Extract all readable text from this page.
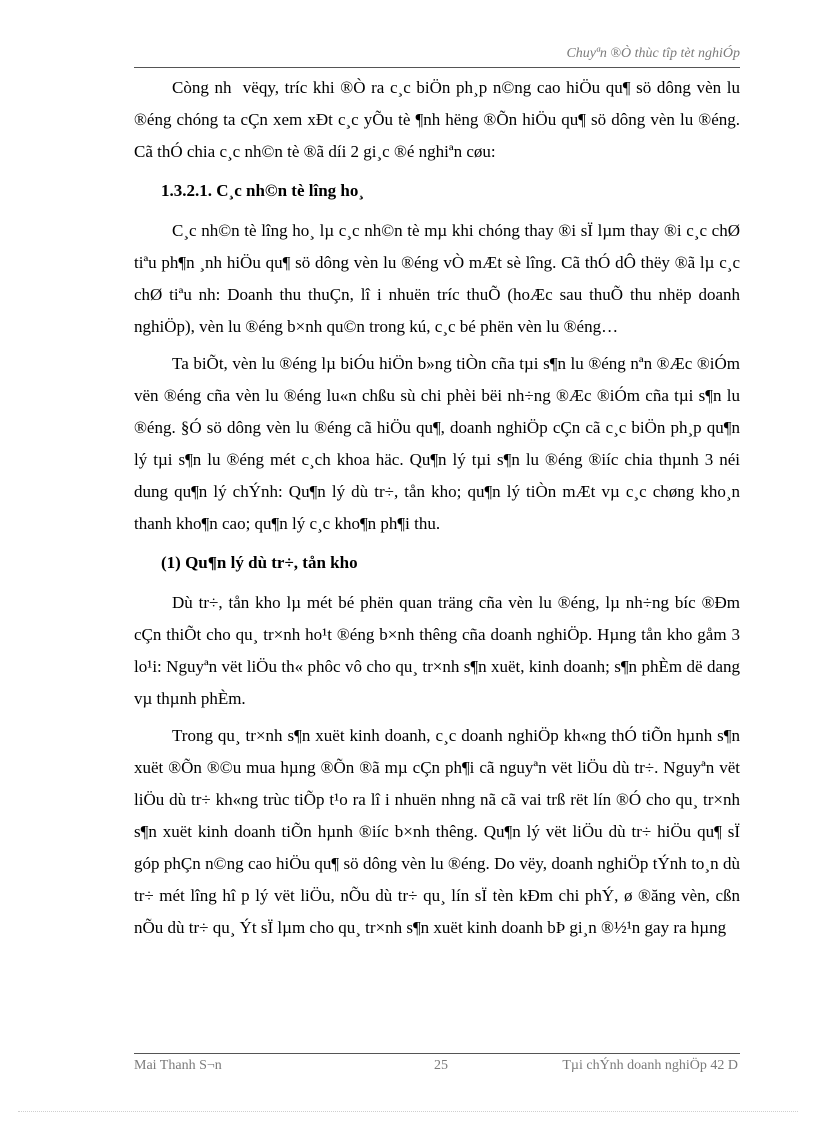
Chuyªn ®Ò thùc tîp tèt nghiÓp

Còng nh  vëqy, tríc khi ®Ò ra c¸c biÖn ph¸p n©ng cao hiÖu qu¶ sö dông vèn lu ®éng chóng ta cÇn xem xÐt c¸c yÕu tè ¶nh hëng ®Õn hiÖu qu¶ sö dông vèn lu ®éng. Cã thÓ chia c¸c nh©n tè ®ã díi 2 gi¸c ®é nghiªn cøu:

1.3.2.1. C¸c nh©n tè lîng ho¸

C¸c nh©n tè lîng ho¸ lµ c¸c nh©n tè mµ khi chóng thay ®i sÏ lµm thay ®i c¸c chØ tiªu ph¶n ¸nh hiÖu qu¶ sö dông vèn lu ®éng vÒ mÆt sè lîng. Cã thÓ dÔ thëy ®ã lµ c¸c chØ tiªu nh: Doanh thu thuÇn, lî i nhuën tríc thuÕ (hoÆc sau thuÕ thu nhëp doanh nghiÖp), vèn lu ®éng b×nh qu©n trong kú, c¸c bé phën vèn lu ®éng…

Ta biÕt, vèn lu ®éng lµ biÓu hiÖn b»ng tiÒn cña tµi s¶n lu ®éng nªn ®Æc ®iÓm vën ®éng cña vèn lu ®éng lu«n chßu sù chi phèi bëi nh÷ng ®Æc ®iÓm cña tµi s¶n lu ®éng. §Ó sö dông vèn lu ®éng cã hiÖu qu¶, doanh nghiÖp cÇn cã c¸c biÖn ph¸p qu¶n lý tµi s¶n lu ®éng mét c¸ch khoa häc. Qu¶n lý tµi s¶n lu ®éng ®iíc chia thµnh 3 néi dung qu¶n lý chÝnh: Qu¶n lý dù tr÷, tån kho; qu¶n lý tiÒn mÆt vµ c¸c chøng kho¸n thanh kho¶n cao; qu¶n lý c¸c kho¶n ph¶i thu.

(1) Qu¶n lý dù tr÷, tån kho

Dù tr÷, tån kho lµ mét bé phën quan träng cña vèn lu ®éng, lµ nh÷ng bíc ®Ðm cÇn thiÕt cho qu¸ tr×nh ho¹t ®éng b×nh thêng cña doanh nghiÖp. Hµng tån kho gåm 3 lo¹i: Nguyªn vët liÖu th« phôc vô cho qu¸ tr×nh s¶n xuët, kinh doanh; s¶n phÈm dë dang vµ thµnh phÈm.

Trong qu¸ tr×nh s¶n xuët kinh doanh, c¸c doanh nghiÖp kh«ng thÓ tiÕn hµnh s¶n xuët ®Õn ®©u mua hµng ®Õn ®ã mµ cÇn ph¶i cã nguyªn vët liÖu dù tr÷. Nguyªn vët liÖu dù tr÷ kh«ng trùc tiÕp t¹o ra lî i nhuën nhng nã cã vai trß rët lín ®Ó cho qu¸ tr×nh s¶n xuët kinh doanh tiÕn hµnh ®iíc b×nh thêng. Qu¶n lý vët liÖu dù tr÷ hiÖu qu¶ sÏ góp phÇn n©ng cao hiÖu qu¶ sö dông vèn lu ®éng. Do vëy, doanh nghiÖp tÝnh to¸n dù tr÷ mét lîng hî p lý vët liÖu, nÕu dù tr÷ qu¸ lín sÏ tèn kÐm chi phÝ, ø ®ăng vèn, cßn nÕu dù tr÷ qu¸ Ýt sÏ lµm cho qu¸ tr×nh s¶n xuët kinh doanh bÞ gi¸n ®½¹n gay ra hµng

Mai Thanh S¬n	25	Tµi chÝnh doanh nghiÖp 42 D
